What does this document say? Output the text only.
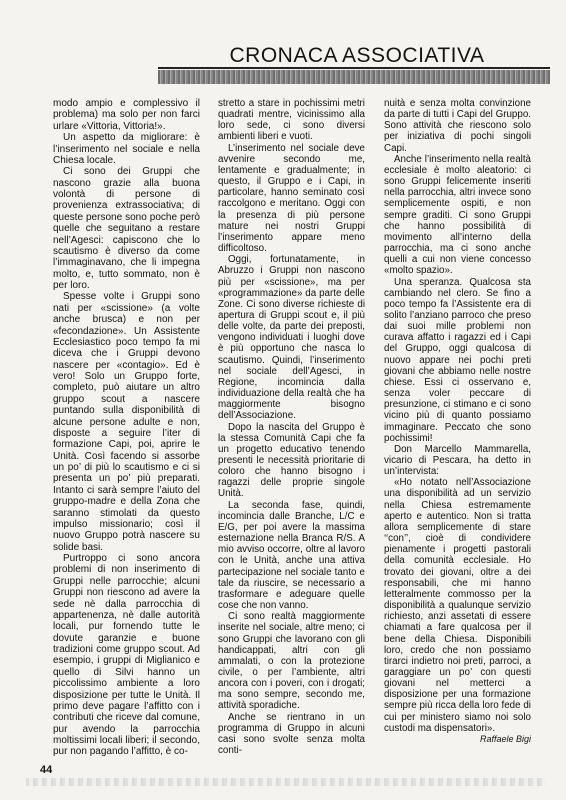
CRONACA ASSOCIATIVA

modo ampio e complessivo il problema) ma solo per non farci urlare «Vittoria, Vittoria!».

Un aspetto da migliorare: è l’inserimento nel sociale e nella Chiesa locale.

Ci sono dei Gruppi che nascono grazie alla buona volontà di persone di provenienza extrassociativa; di queste persone sono poche però quelle che seguitano a restare nell’Agesci: capiscono che lo scautismo è diverso da come l’immaginavano, che li impegna molto, e, tutto sommato, non è per loro.

Spesse volte i Gruppi sono nati per «scissione» (a volte anche brusca) e non per «fecondazione». Un Assistente Ecclesiastico poco tempo fa mi diceva che i Gruppi devono nascere per «contagio». Ed è vero! Solo un Gruppo forte, completo, può aiutare un altro gruppo scout a nascere puntando sulla disponibilità di alcune persone adulte e non, disposte a seguire l’iter di formazione Capi, poi, aprire le Unità. Così facendo si assorbe un po’ di più lo scautismo e ci si presenta un po’ più preparati. Intanto ci sarà sempre l’aiuto del gruppo-madre e della Zona che saranno stimolati da questo impulso missionario; così il nuovo Gruppo potrà nascere su solide basi.

Purtroppo ci sono ancora problemi di non inserimento di Gruppi nelle parrocchie; alcuni Gruppi non riescono ad avere la sede nè dalla parrocchia di appartenenza, nè dalle autorità locali, pur fornendo tutte le dovute garanzie e buone tradizioni come gruppo scout. Ad esempio, i gruppi di Miglianico e quello di Silvi hanno un piccolissimo ambiente a loro disposizione per tutte le Unità. Il primo deve pagare l’affitto con i contributi che riceve dal comune, pur avendo la parrocchia moltissimi locali liberi; il secondo, pur non pagando l’affitto, è co-

stretto a stare in pochissimi metri quadrati mentre, vicinissimo alla loro sede, ci sono diversi ambienti liberi e vuoti.

L’inserimento nel sociale deve avvenire secondo me, lentamente e gradualmente; in questo, il Gruppo e i Capi, in particolare, hanno seminato così raccolgono e meritano. Oggi con la presenza di più persone mature nei nostri Gruppi l’inserimento appare meno difficoltoso.

Oggi, fortunatamente, in Abruzzo i Gruppi non nascono più per «scissione», ma per «programmazione» da parte delle Zone. Ci sono diverse richieste di apertura di Gruppi scout e, il più delle volte, da parte dei preposti, vengono individuati i luoghi dove è più opportuno che nasca lo scautismo. Quindi, l’inserimento nel sociale dell’Agesci, in Regione, incomincia dalla individuazione della realtà che ha maggiormente bisogno dell’Associazione.

Dopo la nascita del Gruppo è la stessa Comunità Capi che fa un progetto educativo tenendo presenti le necessità prioritarie di coloro che hanno bisogno i ragazzi delle proprie singole Unità.

La seconda fase, quindi, incomincia dalle Branche, L/C e E/G, per poi avere la massima esternazione nella Branca R/S. A mio avviso occorre, oltre al lavoro con le Unità, anche una attiva partecipazione nel sociale tanto e tale da riuscire, se necessario a trasformare e adeguare quelle cose che non vanno.

Ci sono realtà maggiormente inserite nel sociale, altre meno; ci sono Gruppi che lavorano con gli handicappati, altri con gli ammalati, o con la protezione civile, o per l’ambiente, altri ancora con i poveri, con i drogati; ma sono sempre, secondo me, attività sporadiche.

Anche se rientrano in un programma di Gruppo in alcuni casi sono svolte senza molta conti-

nuità e senza molta convinzione da parte di tutti i Capi del Gruppo. Sono attività che riescono solo per iniziativa di pochi singoli Capi.

Anche l’inserimento nella realtà ecclesiale è molto aleatorio: ci sono Gruppi felicemente inseriti nella parrocchia, altri invece sono semplicemente ospiti, e non sempre graditi. Ci sono Gruppi che hanno possibilità di movimento all’interno della parrocchia, ma ci sono anche quelli a cui non viene concesso «molto spazio».

Una speranza. Qualcosa sta cambiando nel clero. Se fino a poco tempo fa l’Assistente era di solito l’anziano parroco che preso dai suoi mille problemi non curava affatto i ragazzi ed i Capi del Gruppo, oggi qualcosa di nuovo appare nei pochi preti giovani che abbiamo nelle nostre chiese. Essi ci osservano e, senza voler peccare di presunzione, ci stimano e ci sono vicino più di quanto possiamo immaginare. Peccato che sono pochissimi!

Don Marcello Mammarella, vicario di Pescara, ha detto in un’intervista:

«Ho notato nell’Associazione una disponibilità ad un servizio nella Chiesa estremamente aperto e autentico. Non si tratta allora semplicemente di stare ‘‘con’’, cioè di condividere pienamente i progetti pastorali della comunità ecclesiale. Ho trovato dei giovani, oltre a dei responsabili, che mi hanno letteralmente commosso per la disponibilità a qualunque servizio richiesto, anzi assetati di essere chiamati a fare qualcosa per il bene della Chiesa. Disponibili loro, credo che non possiamo tirarci indietro noi preti, parroci, a garaggiare un po’ con questi giovani nel metterci a disposizione per una formazione sempre più ricca della loro fede di cui per ministero siamo noi solo custodi ma dispensatori».

Raffaele Bigi
44
